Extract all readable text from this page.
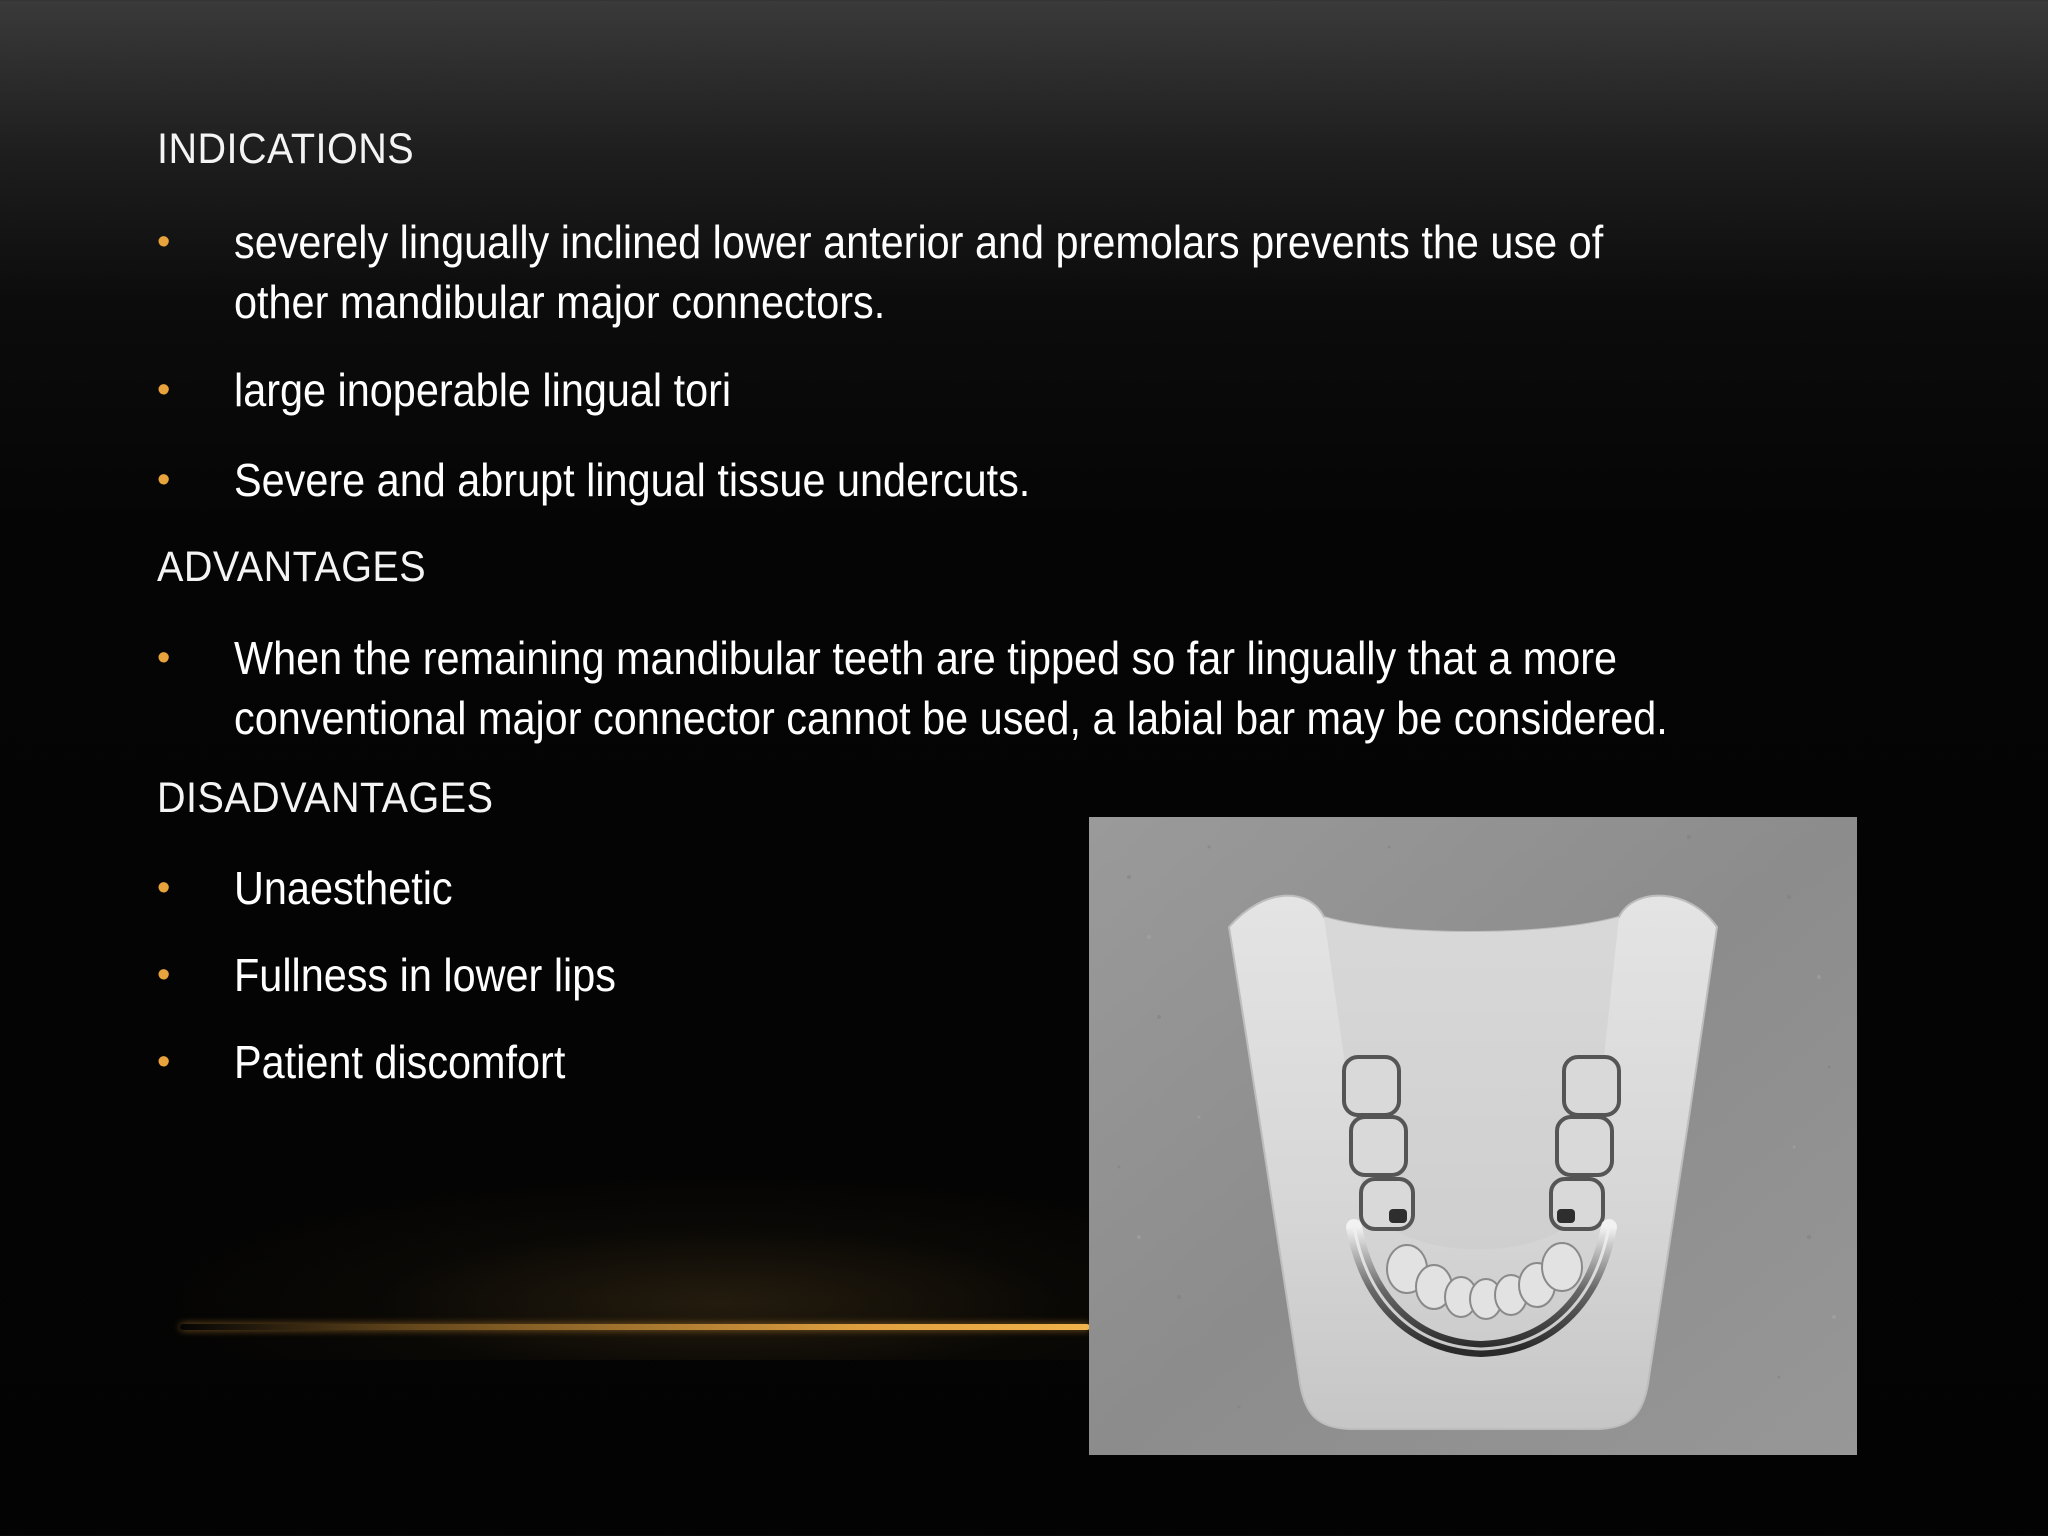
INDICATIONS

• severely lingually inclined lower anterior and premolars prevents the use of other mandibular major connectors.
• large inoperable lingual tori
• Severe and abrupt lingual tissue undercuts.

ADVANTAGES

• When the remaining mandibular teeth are tipped so far lingually that a more conventional major connector cannot be used, a labial bar may be considered.

DISADVANTAGES

• Unaesthetic
• Fullness in lower lips
• Patient discomfort
